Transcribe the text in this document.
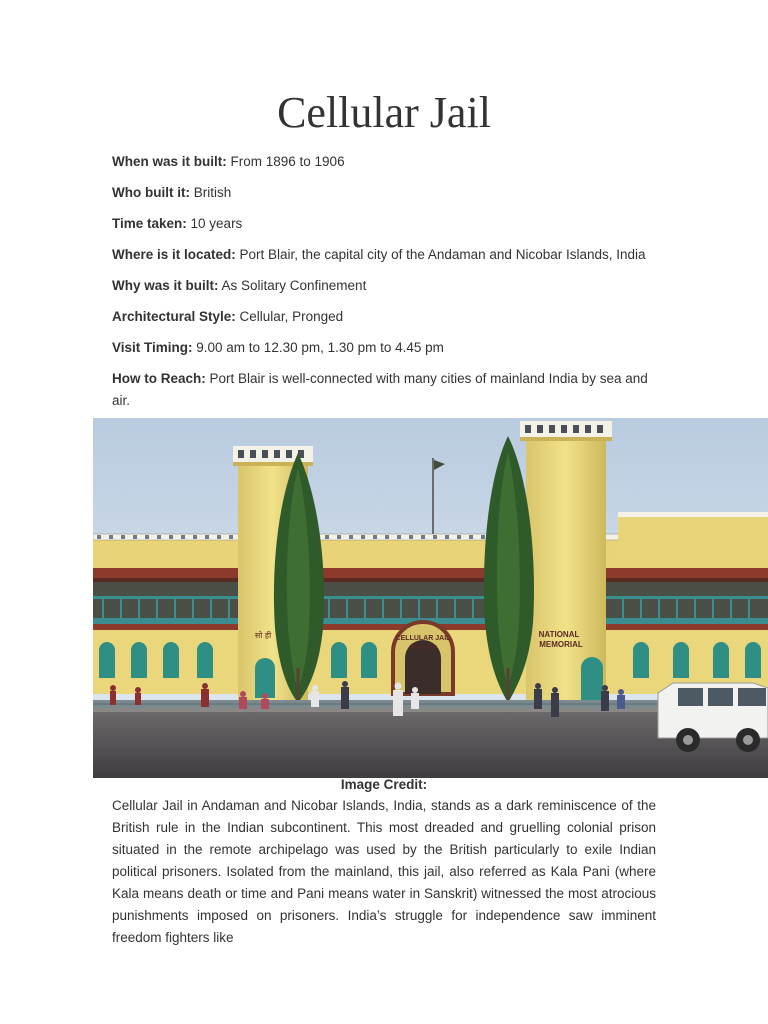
Cellular Jail

When was it built: From 1896 to 1906

Who built it: British

Time taken: 10 years

Where is it located: Port Blair, the capital city of the Andaman and Nicobar Islands, India

Why was it built: As Solitary Confinement

Architectural Style: Cellular, Pronged

Visit Timing: 9.00 am to 12.30 pm, 1.30 pm to 4.45 pm

How to Reach: Port Blair is well-connected with many cities of mainland India by sea and air.

CELLULAR JAIL
सेल्युलर जेल
सो ही	NATIONAL
MEMORIAL
Image Credit:

Cellular Jail in Andaman and Nicobar Islands, India, stands as a dark reminiscence of the British rule in the Indian subcontinent. This most dreaded and gruelling colonial prison situated in the remote archipelago was used by the British particularly to exile Indian political prisoners. Isolated from the mainland, this jail, also referred as Kala Pani (where Kala means death or time and Pani means water in Sanskrit) witnessed the most atrocious punishments imposed on prisoners. India’s struggle for independence saw imminent freedom fighters like
